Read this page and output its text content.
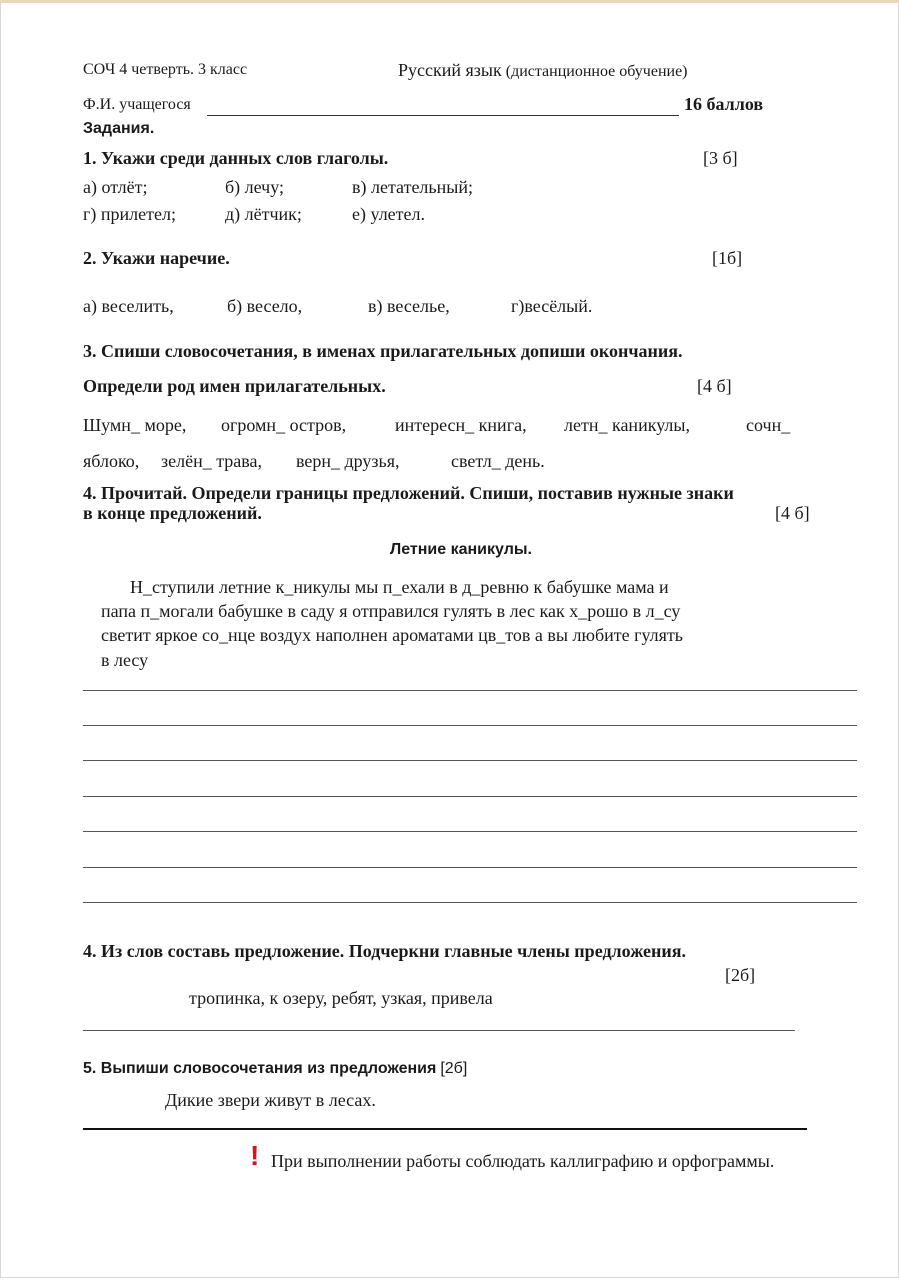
СОЧ 4 четверть. 3 класс	Русский язык (дистанционное обучение)
Ф.И. учащегося	16 баллов
Задания.
1. Укажи среди данных слов глаголы.	[3 б]
а) отлёт;	б) лечу;	в) летательный;
г) прилетел;	д) лётчик;	е) улетел.
2. Укажи наречие.	[1б]
а) веселить,	б) весело,	в) веселье,	г)весёлый.
3. Спиши словосочетания, в именах прилагательных допиши окончания.
Определи род имен прилагательных.	[4 б]
Шумн_ море, огромн_ остров,	интересн_ книга, летн_ каникулы,	сочн_
яблоко, зелён_ трава, верн_ друзья,	светл_ день.
4. Прочитай. Определи границы предложений. Спиши, поставив нужные знаки
в конце предложений.	[4 б]
Летние каникулы.
Н_ступили летние к_никулы мы п_ехали в д_ревню к бабушке мама и
папа п_могали бабушке в саду я отправился гулять в лес как х_рошо в л_су
светит яркое со_нце воздух наполнен ароматами цв_тов а вы любите гулять
в лесу
4. Из слов составь предложение. Подчеркни главные члены предложения.
[2б]
тропинка, к озеру, ребят, узкая, привела
5. Выпиши словосочетания из предложения [2б]
Дикие звери живут в лесах.
! При выполнении работы соблюдать каллиграфию и орфограммы.
